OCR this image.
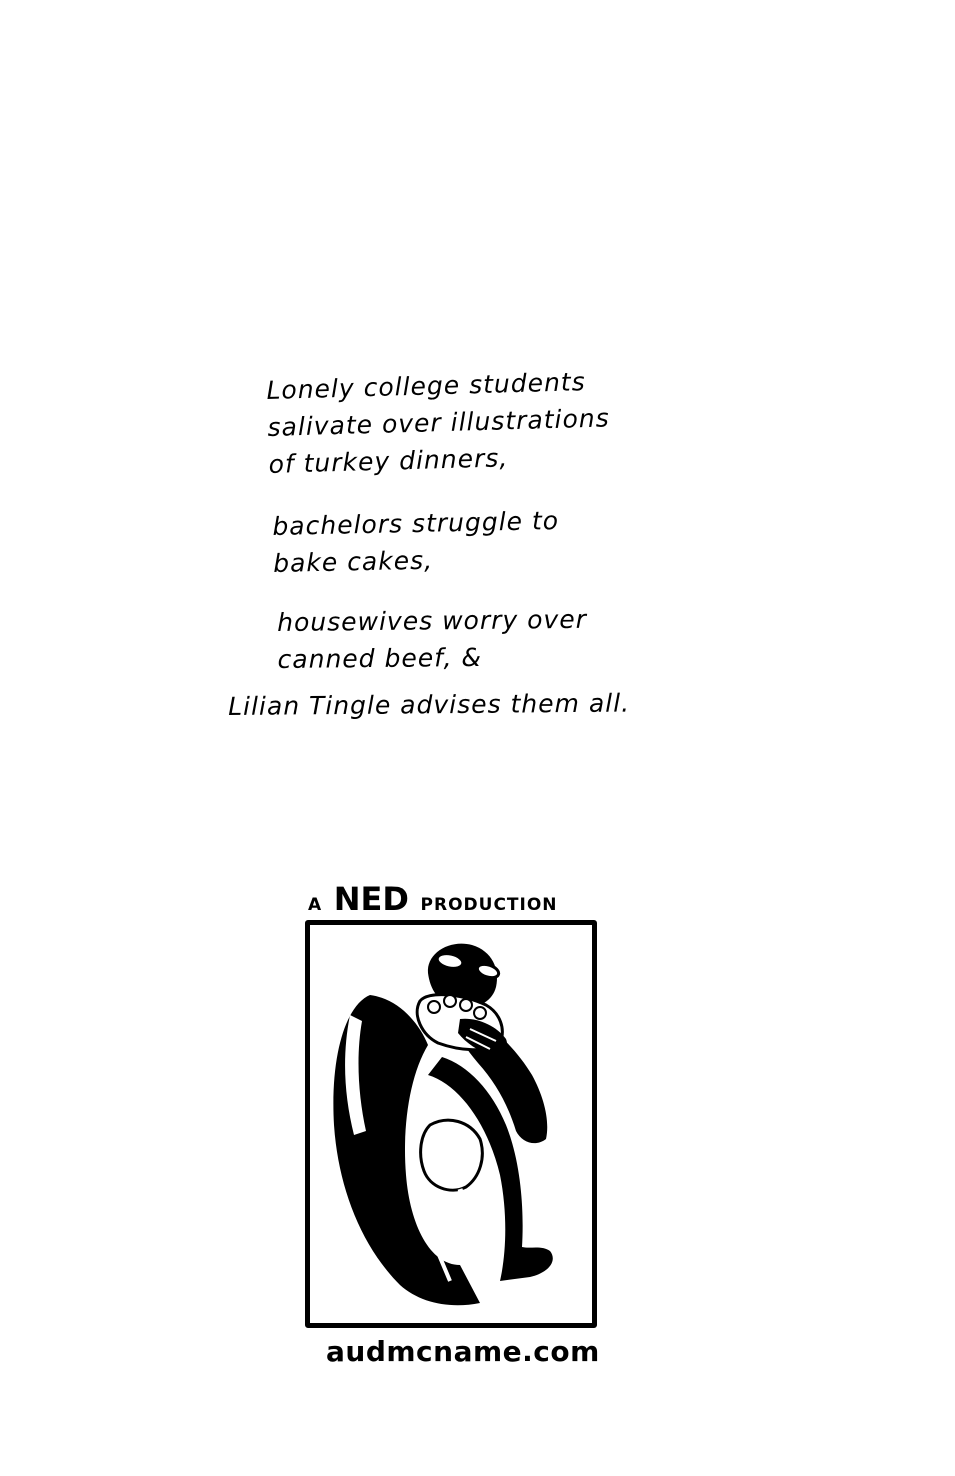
Lonely college students
salivate over illustrations
of turkey dinners,
bachelors struggle to
bake cakes,
housewives worry over
canned beef, &
Lilian Tingle advises them all.
A NED PRODUCTION
audmcname.com
